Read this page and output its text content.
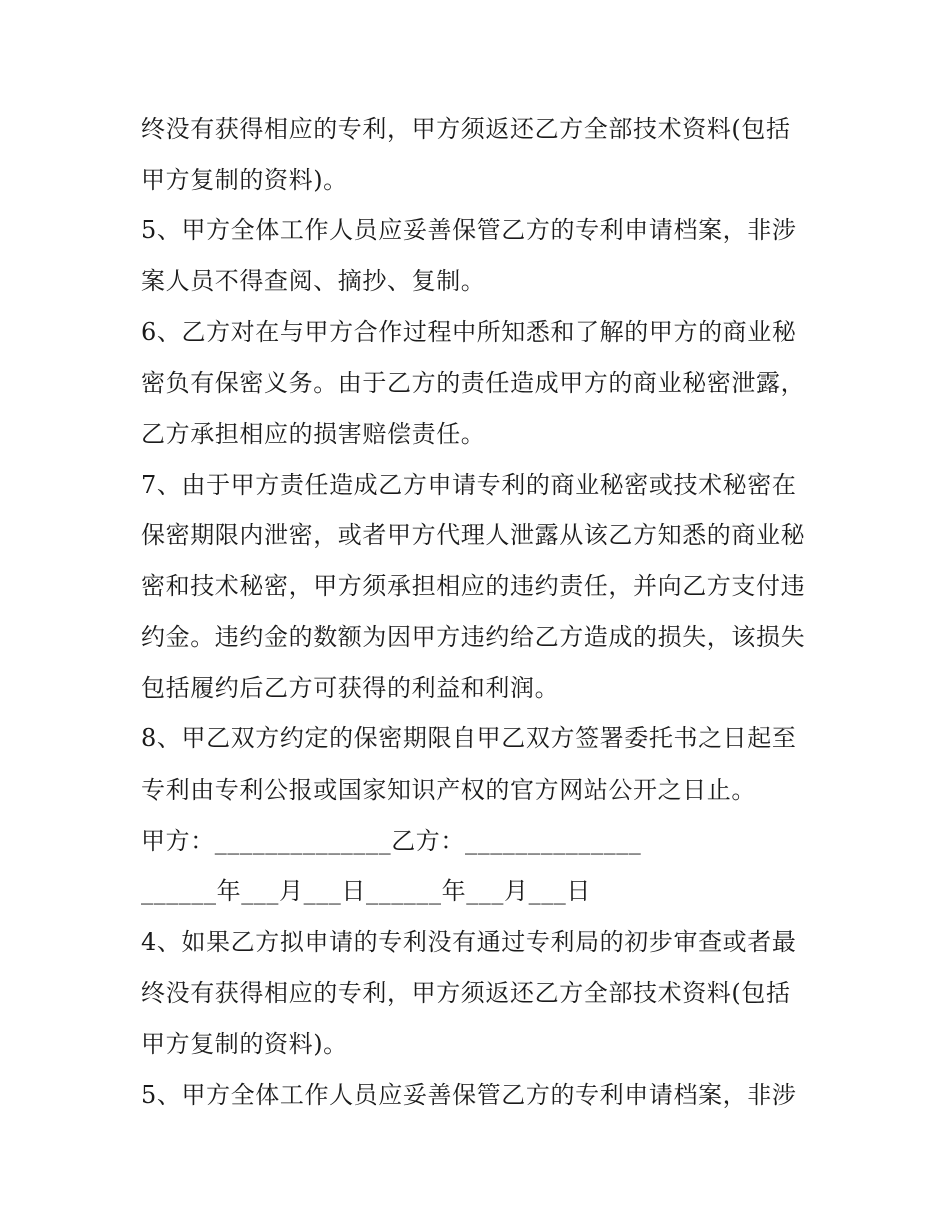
终没有获得相应的专利，甲方须返还乙方全部技术资料(包括
甲方复制的资料)。
5、甲方全体工作人员应妥善保管乙方的专利申请档案，非涉
案人员不得查阅、摘抄、复制。
6、乙方对在与甲方合作过程中所知悉和了解的甲方的商业秘
密负有保密义务。由于乙方的责任造成甲方的商业秘密泄露，
乙方承担相应的损害赔偿责任。
7、由于甲方责任造成乙方申请专利的商业秘密或技术秘密在
保密期限内泄密，或者甲方代理人泄露从该乙方知悉的商业秘
密和技术秘密，甲方须承担相应的违约责任，并向乙方支付违
约金。违约金的数额为因甲方违约给乙方造成的损失，该损失
包括履约后乙方可获得的利益和利润。
8、甲乙双方约定的保密期限自甲乙双方签署委托书之日起至
专利由专利公报或国家知识产权的官方网站公开之日止。
甲方：______________乙方：______________
______年___月___日______年___月___日
4、如果乙方拟申请的专利没有通过专利局的初步审查或者最
终没有获得相应的专利，甲方须返还乙方全部技术资料(包括
甲方复制的资料)。
5、甲方全体工作人员应妥善保管乙方的专利申请档案，非涉
